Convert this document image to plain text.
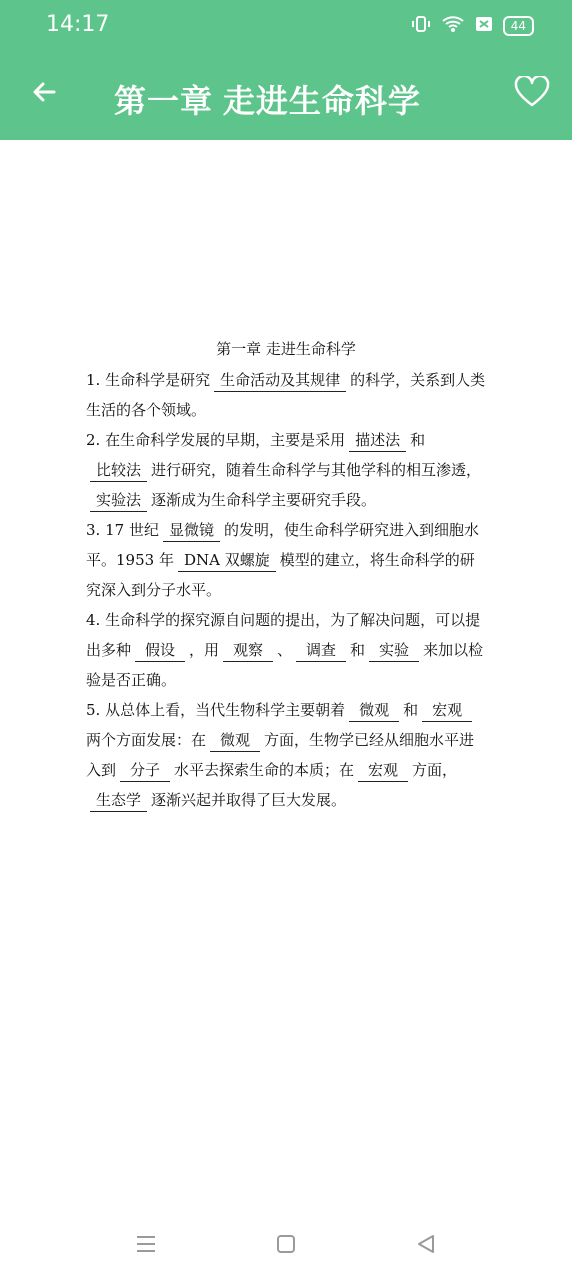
14:17	44
第一章 走进生命科学
第一章 走进生命科学
1. 生命科学是研究 生命活动及其规律 的科学，关系到人类生活的各个领域。
2. 在生命科学发展的早期，主要是采用 描述法 和比较法 进行研究，随着生命科学与其他学科的相互渗透，实验法 逐渐成为生命科学主要研究手段。
3. 17 世纪 显微镜 的发明，使生命科学研究进入到细胞水平。1953 年 DNA 双螺旋 模型的建立，将生命科学的研究深入到分子水平。
4. 生命科学的探究源自问题的提出，为了解决问题，可以提出多种 假设 ，用 观察 、 调查 和 实验 来加以检验是否正确。
5. 从总体上看，当代生物科学主要朝着 微观 和 宏观两个方面发展：在 微观 方面，生物学已经从细胞水平进入到 分子 水平去探索生命的本质；在 宏观 方面，生态学 逐渐兴起并取得了巨大发展。
